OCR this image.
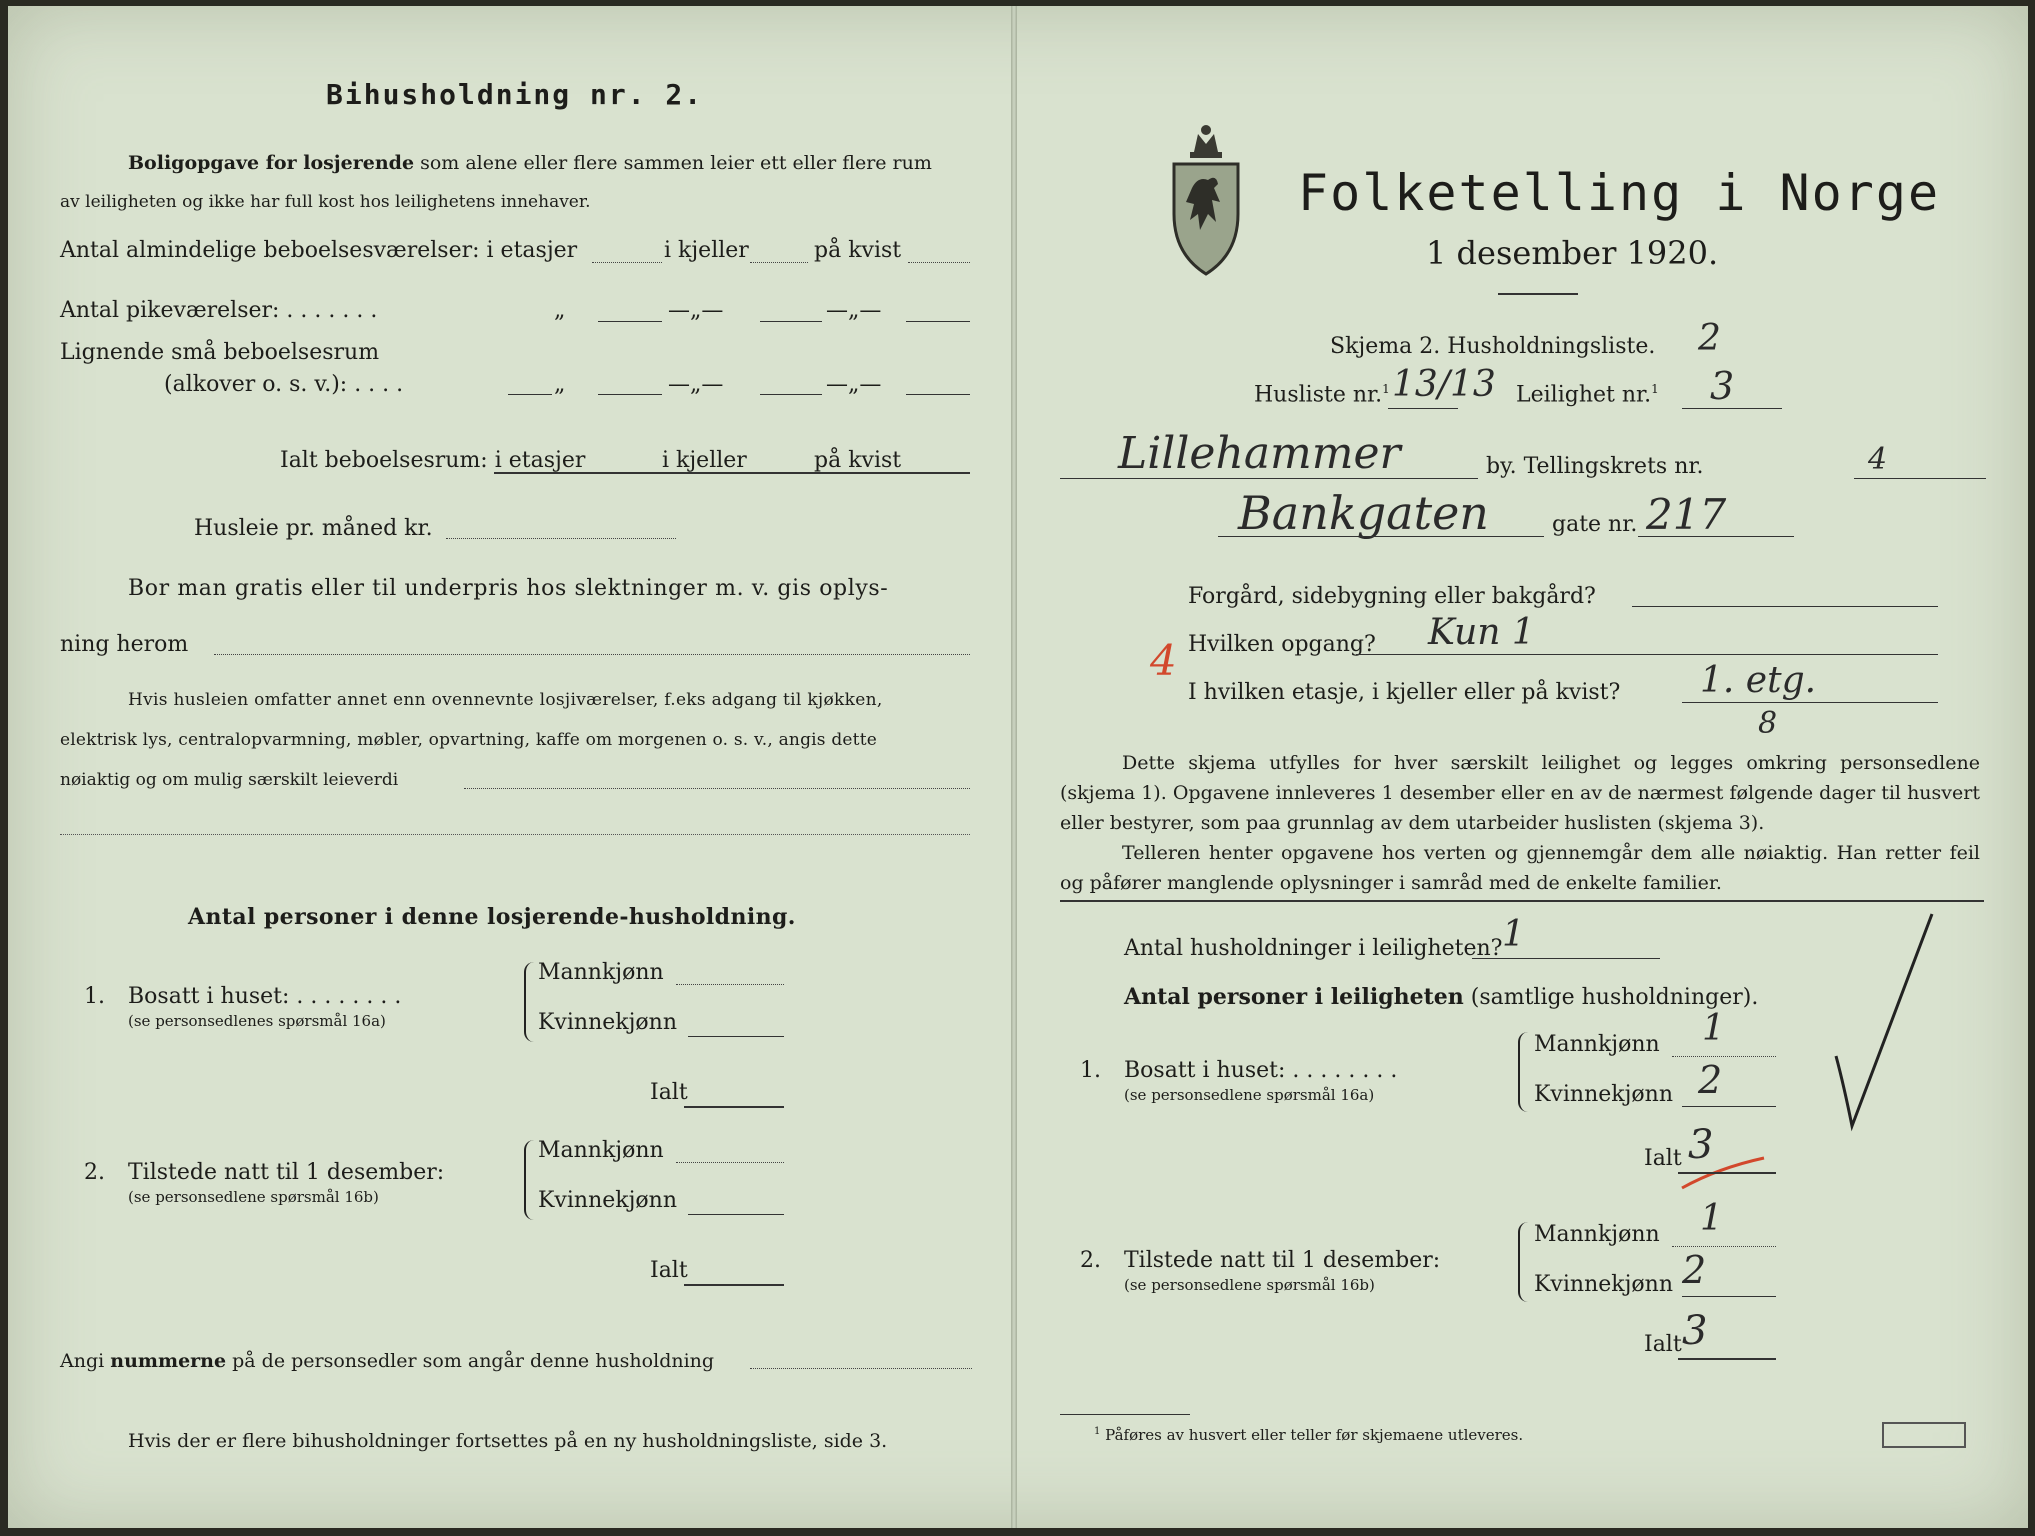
Bihusholdning nr. 2.
Boligopgave for losjerende som alene eller flere sammen leier ett eller flere rum
av leiligheten og ikke har full kost hos leilighetens innehaver.
Antal almindelige beboelsesværelser: i etasjer	i kjeller	på kvist
Antal pikeværelser: . . . . . . .	„	—„—	—„—
Lignende små beboelsesrum
(alkover o. s. v.): . . . .	„	—„—	—„—
Ialt beboelsesrum: i etasjer	i kjeller	på kvist
Husleie pr. måned kr.
Bor man gratis eller til underpris hos slektninger m. v. gis oplys-
ning herom
Hvis husleien omfatter annet enn ovennevnte losjiværelser, f.eks adgang til kjøkken,
elektrisk lys, centralopvarmning, møbler, opvartning, kaffe om morgenen o. s. v., angis dette
nøiaktig og om mulig særskilt leieverdi
Antal personer i denne losjerende-husholdning.
1. Bosatt i huset: . . . . . . . .
(se personsedlenes spørsmål 16a)
Mannkjønn
Kvinnekjønn
Ialt
2. Tilstede natt til 1 desember:
(se personsedlene spørsmål 16b)
Mannkjønn
Kvinnekjønn
Ialt
Angi nummerne på de personsedler som angår denne husholdning
Hvis der er flere bihusholdninger fortsettes på en ny husholdningsliste, side 3.
Folketelling i Norge
1 desember 1920.
Skjema 2. Husholdningsliste. 2
Husliste nr.$^1$ 13/13 Leilighet nr.$^1$ 3
Lillehammer	by. Tellingskrets nr.	4
Bankgaten	gate nr. 217
Forgård, sidebygning eller bakgård?
4 Hvilken opgang? Kun 1
I hvilken etasje, i kjeller eller på kvist? 1. etg.
8
Dette skjema utfylles for hver særskilt leilighet og legges omkring personsedlene (skjema 1). Opgavene innleveres 1 desember eller en av de nærmest følgende dager til husvert eller bestyrer, som paa grunnlag av dem utarbeider huslisten (skjema 3).
Telleren henter opgavene hos verten og gjennemgår dem alle nøiaktig. Han retter feil og påfører manglende oplysninger i samråd med de enkelte familier.
Antal husholdninger i leiligheten? 1
Antal personer i leiligheten (samtlige husholdninger).
1. Bosatt i huset: . . . . . . . .
(se personsedlene spørsmål 16a)
Mannkjønn 1
Kvinnekjønn 2
Ialt 3
2. Tilstede natt til 1 desember:
(se personsedlene spørsmål 16b)
Mannkjønn 1
Kvinnekjønn 2
Ialt 3
$^1$ Påføres av husvert eller teller før skjemaene utleveres.
